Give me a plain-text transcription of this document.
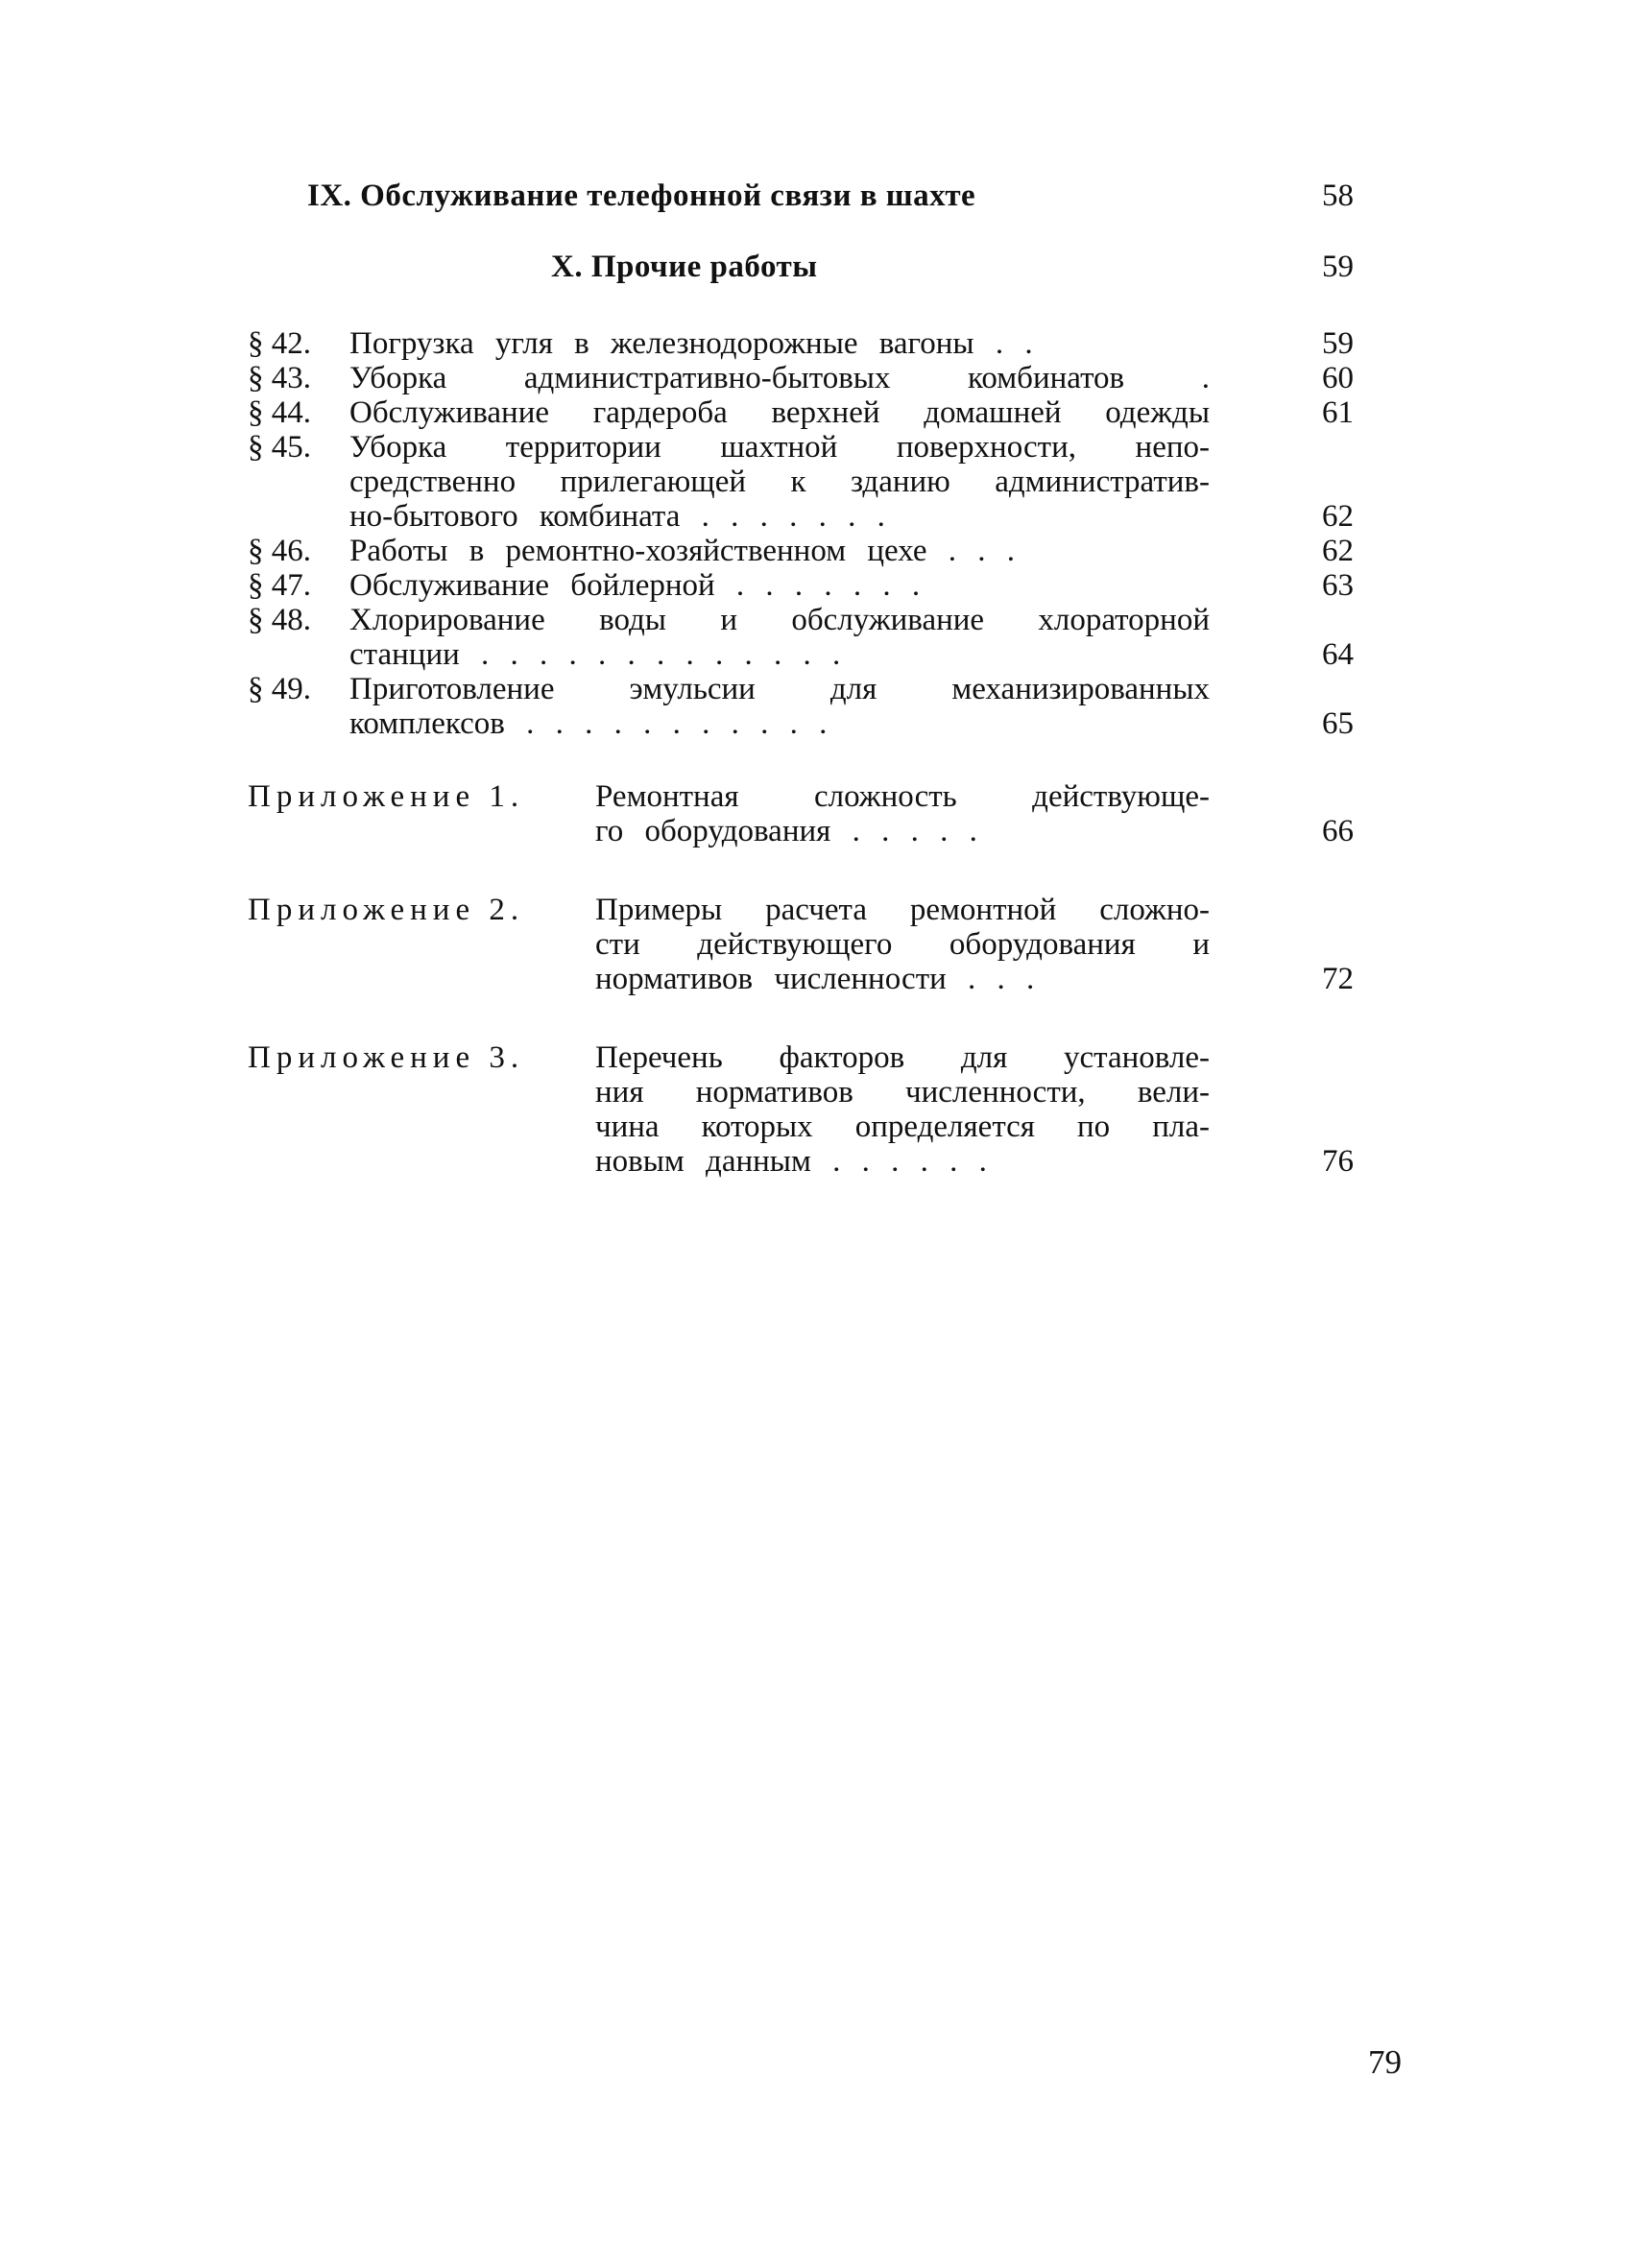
IX. Обслуживание телефонной связи в шахте	58
X. Прочие работы	59
§ 42. Погрузка угля в железнодорожные вагоны . .	59
§ 43. Уборка административно-бытовых комбинатов .	60
§ 44. Обслуживание гардероба верхней домашней одежды	61
§ 45. Уборка территории шахтной поверхности, непо-
средственно прилегающей к зданию административ-
но-бытового комбината . . . . . . .	62
§ 46. Работы в ремонтно-хозяйственном цехе . . .	62
§ 47. Обслуживание бойлерной . . . . . . .	63
§ 48. Хлорирование воды и обслуживание хлораторной
станции . . . . . . . . . . . . .	64
§ 49. Приготовление эмульсии для механизированных
комплексов . . . . . . . . . . .	65
Приложение 1. Ремонтная сложность действующе-
го оборудования . . . . .	66
Приложение 2. Примеры расчета ремонтной сложно-
сти действующего оборудования и
нормативов численности . . .	72
Приложение 3. Перечень факторов для установле-
ния нормативов численности, вели-
чина которых определяется по пла-
новым данным . . . . . .	76
79
